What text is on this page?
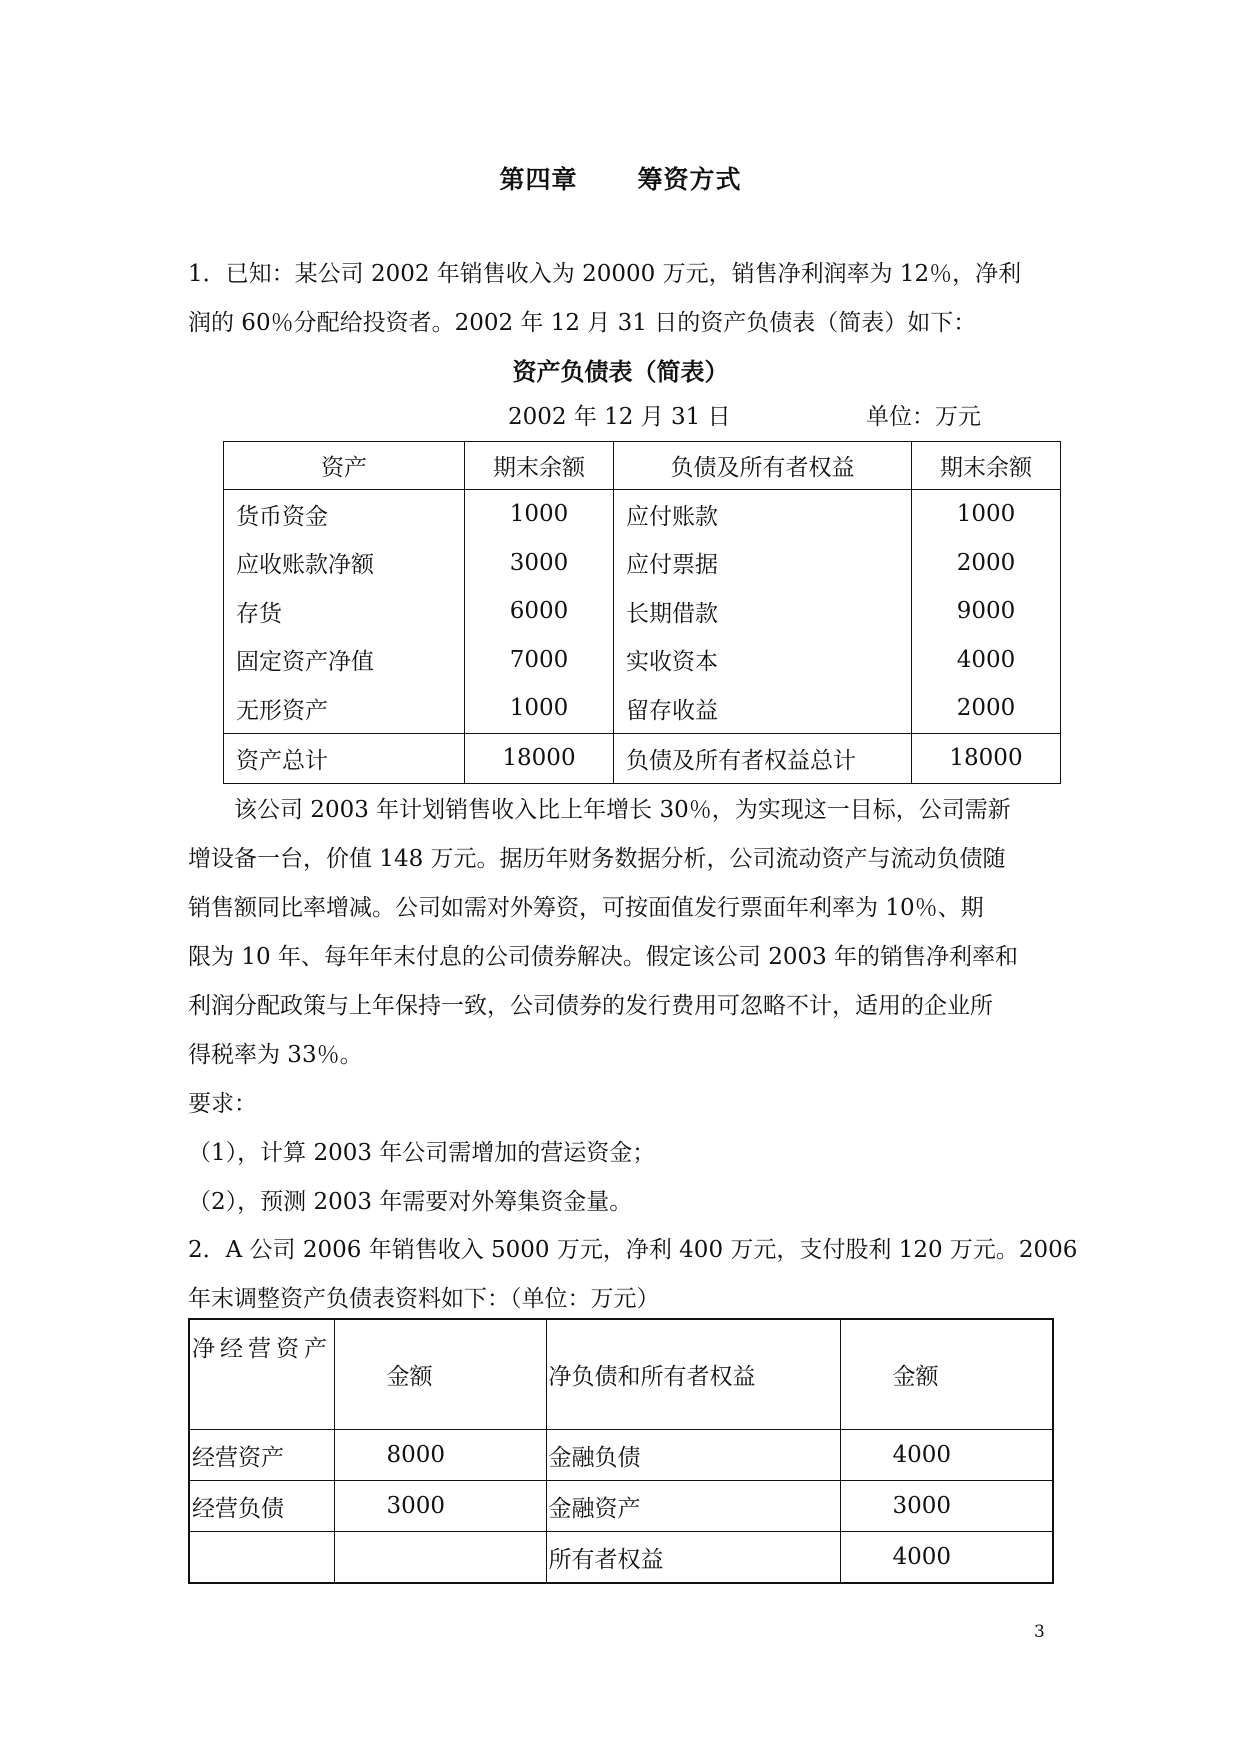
第四章 筹资方式
1．已知：某公司 2002 年销售收入为 20000 万元，销售净利润率为 12％，净利
润的 60％分配给投资者。2002 年 12 月 31 日的资产负债表（简表）如下：
资产负债表（简表）
2002 年 12 月 31 日	单位：万元
资产	期末余额	负债及所有者权益	期末余额
货币资金	1000	应付账款	1000
应收账款净额	3000	应付票据	2000
存货	6000	长期借款	9000
固定资产净值	7000	实收资本	4000
无形资产	1000	留存收益	2000
资产总计	18000	负债及所有者权益总计	18000
该公司 2003 年计划销售收入比上年增长 30％，为实现这一目标，公司需新
增设备一台，价值 148 万元。据历年财务数据分析，公司流动资产与流动负债随
销售额同比率增减。公司如需对外筹资，可按面值发行票面年利率为 10％、期
限为 10 年、每年年末付息的公司债券解决。假定该公司 2003 年的销售净利率和
利润分配政策与上年保持一致，公司债券的发行费用可忽略不计，适用的企业所
得税率为 33％。
要求：
（1），计算 2003 年公司需增加的营运资金；
（2），预测 2003 年需要对外筹集资金量。
2．A 公司 2006 年销售收入 5000 万元，净利 400 万元，支付股利 120 万元。2006
年末调整资产负债表资料如下：（单位：万元）
净经营资产	金额	净负债和所有者权益	金额
经营资产	8000	金融负债	4000
经营负债	3000	金融资产	3000
		所有者权益	4000
3
